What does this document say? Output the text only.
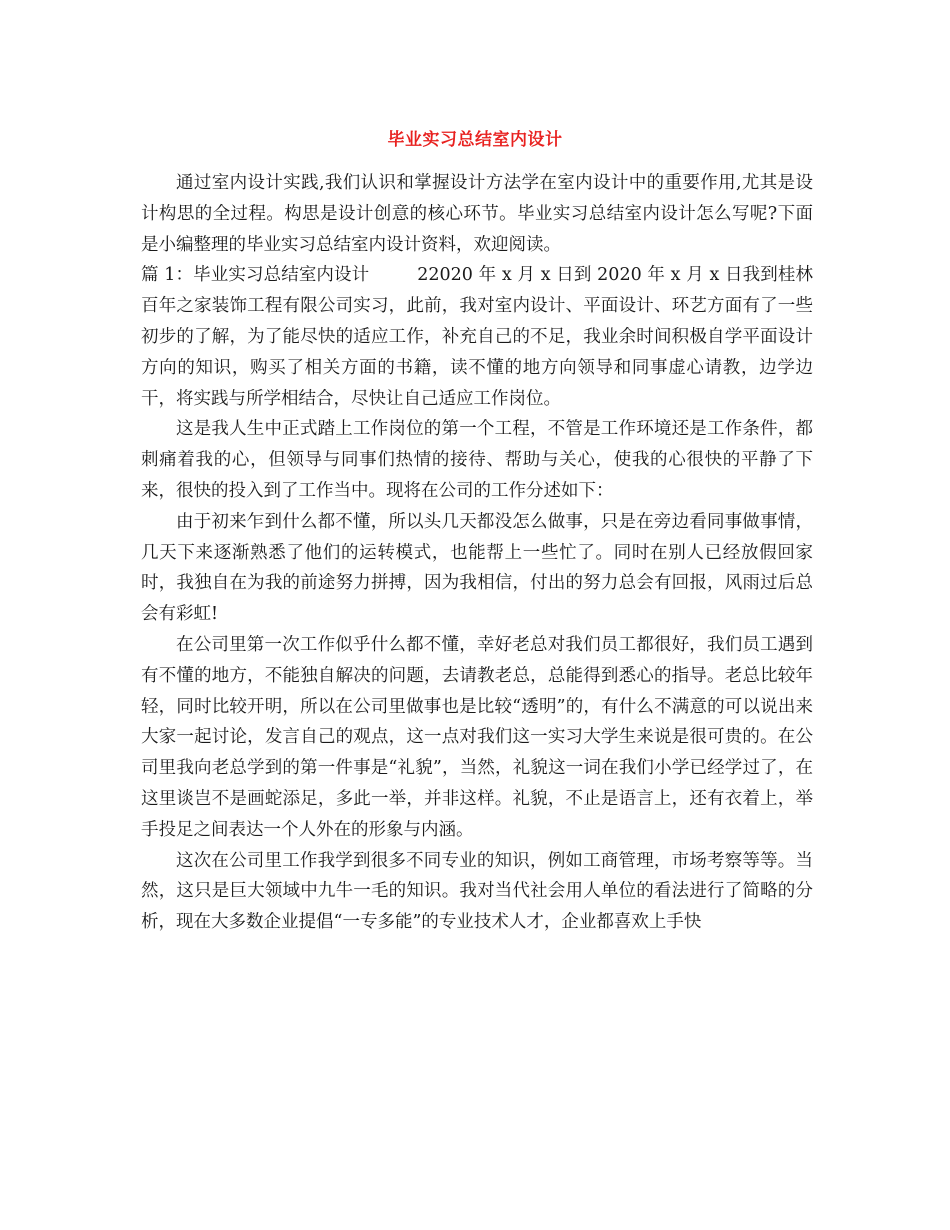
毕业实习总结室内设计

通过室内设计实践,我们认识和掌握设计方法学在室内设计中的重要作用,尤其是设计构思的全过程。构思是设计创意的核心环节。毕业实习总结室内设计怎么写呢?下面是小编整理的毕业实习总结室内设计资料，欢迎阅读。

篇 1：毕业实习总结室内设计	22020 年 x 月 x 日到 2020 年 x 月 x 日我到桂林百年之家装饰工程有限公司实习，此前，我对室内设计、平面设计、环艺方面有了一些初步的了解，为了能尽快的适应工作，补充自己的不足，我业余时间积极自学平面设计方向的知识，购买了相关方面的书籍，读不懂的地方向领导和同事虚心请教，边学边干，将实践与所学相结合，尽快让自己适应工作岗位。

这是我人生中正式踏上工作岗位的第一个工程，不管是工作环境还是工作条件，都刺痛着我的心，但领导与同事们热情的接待、帮助与关心，使我的心很快的平静了下来，很快的投入到了工作当中。现将在公司的工作分述如下：

由于初来乍到什么都不懂，所以头几天都没怎么做事，只是在旁边看同事做事情，几天下来逐渐熟悉了他们的运转模式，也能帮上一些忙了。同时在别人已经放假回家时，我独自在为我的前途努力拼搏，因为我相信，付出的努力总会有回报，风雨过后总会有彩虹!

在公司里第一次工作似乎什么都不懂，幸好老总对我们员工都很好，我们员工遇到有不懂的地方，不能独自解决的问题，去请教老总，总能得到悉心的指导。老总比较年轻，同时比较开明，所以在公司里做事也是比较“透明”的，有什么不满意的可以说出来大家一起讨论，发言自己的观点，这一点对我们这一实习大学生来说是很可贵的。在公司里我向老总学到的第一件事是“礼貌”，当然，礼貌这一词在我们小学已经学过了，在这里谈岂不是画蛇添足，多此一举，并非这样。礼貌，不止是语言上，还有衣着上，举手投足之间表达一个人外在的形象与内涵。

这次在公司里工作我学到很多不同专业的知识，例如工商管理，市场考察等等。当然，这只是巨大领域中九牛一毛的知识。我对当代社会用人单位的看法进行了简略的分析，现在大多数企业提倡“一专多能”的专业技术人才，企业都喜欢上手快
